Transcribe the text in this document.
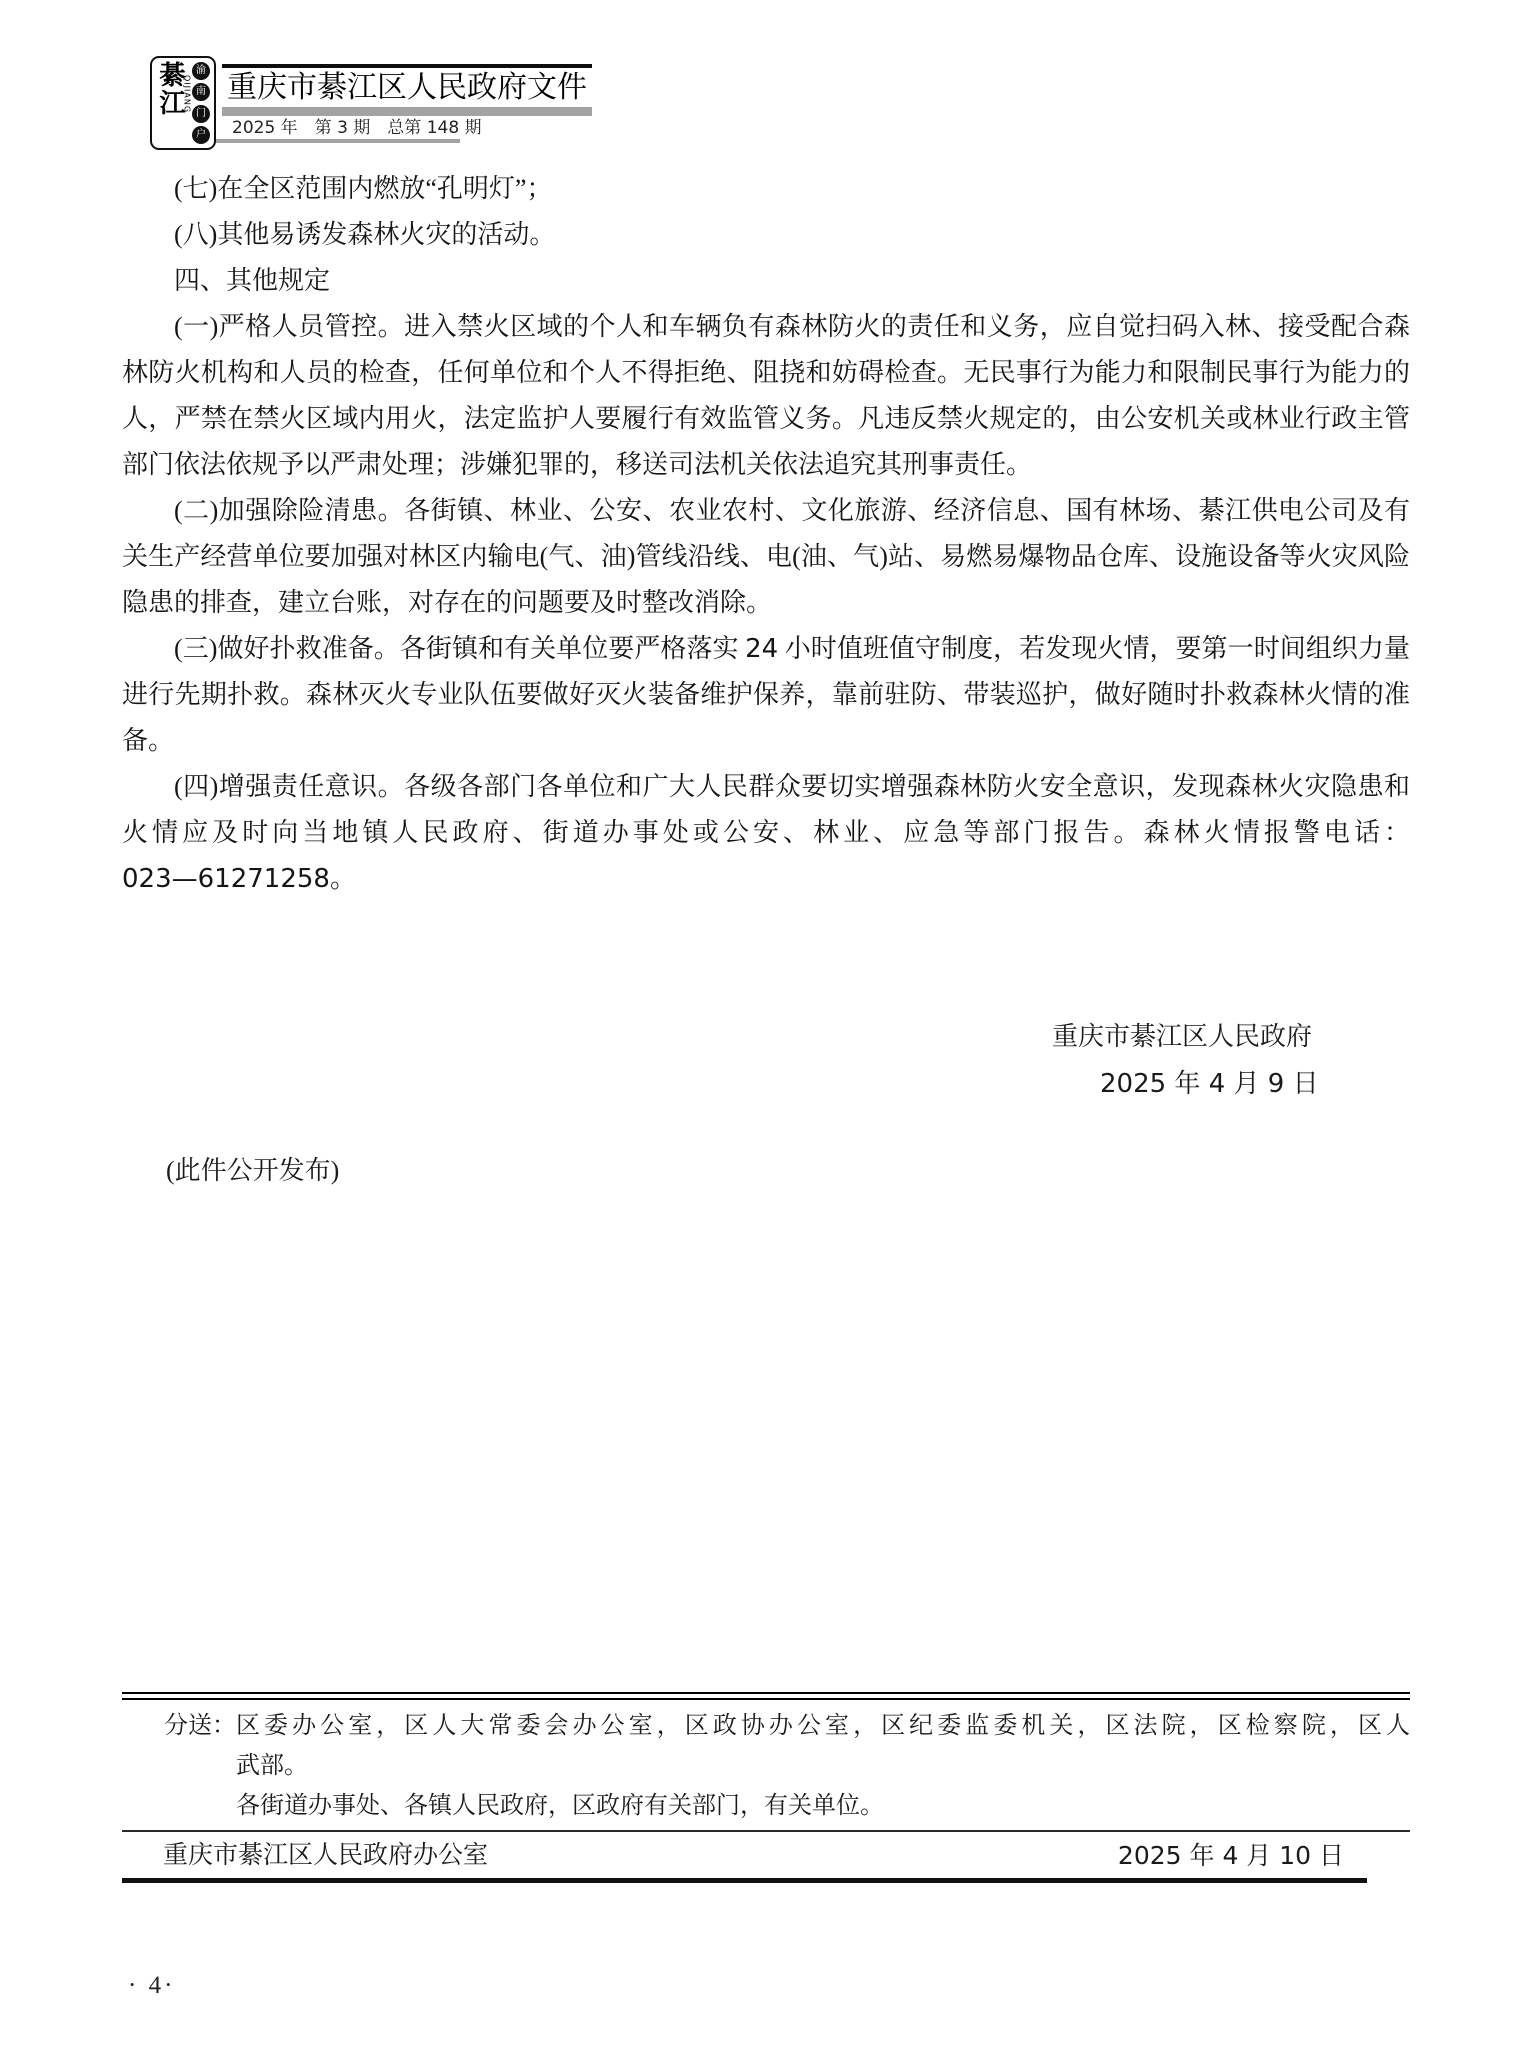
綦江
QIJIANG
渝
南
门
户
重庆市綦江区人民政府文件
2025 年　第 3 期　总第 148 期

(七)在全区范围内燃放“孔明灯”；

(八)其他易诱发森林火灾的活动。

四、其他规定

(一)严格人员管控。进入禁火区域的个人和车辆负有森林防火的责任和义务，应自觉扫码入林、接受配合森林防火机构和人员的检查，任何单位和个人不得拒绝、阻挠和妨碍检查。无民事行为能力和限制民事行为能力的人，严禁在禁火区域内用火，法定监护人要履行有效监管义务。凡违反禁火规定的，由公安机关或林业行政主管部门依法依规予以严肃处理；涉嫌犯罪的，移送司法机关依法追究其刑事责任。

(二)加强除险清患。各街镇、林业、公安、农业农村、文化旅游、经济信息、国有林场、綦江供电公司及有关生产经营单位要加强对林区内输电(气、油)管线沿线、电(油、气)站、易燃易爆物品仓库、设施设备等火灾风险隐患的排查，建立台账，对存在的问题要及时整改消除。

(三)做好扑救准备。各街镇和有关单位要严格落实 24 小时值班值守制度，若发现火情，要第一时间组织力量进行先期扑救。森林灭火专业队伍要做好灭火装备维护保养，靠前驻防、带装巡护，做好随时扑救森林火情的准备。

(四)增强责任意识。各级各部门各单位和广大人民群众要切实增强森林防火安全意识，发现森林火灾隐患和火情应及时向当地镇人民政府、街道办事处或公安、林业、应急等部门报告。森林火情报警电话：023—61271258。

重庆市綦江区人民政府
2025 年 4 月 9 日
(此件公开发布)
分送： 区委办公室，区人大常委会办公室，区政协办公室，区纪委监委机关，区法院，区检察院，区人
武部。
各街道办事处、各镇人民政府，区政府有关部门，有关单位。
重庆市綦江区人民政府办公室	2025 年 4 月 10 日
· 4·
